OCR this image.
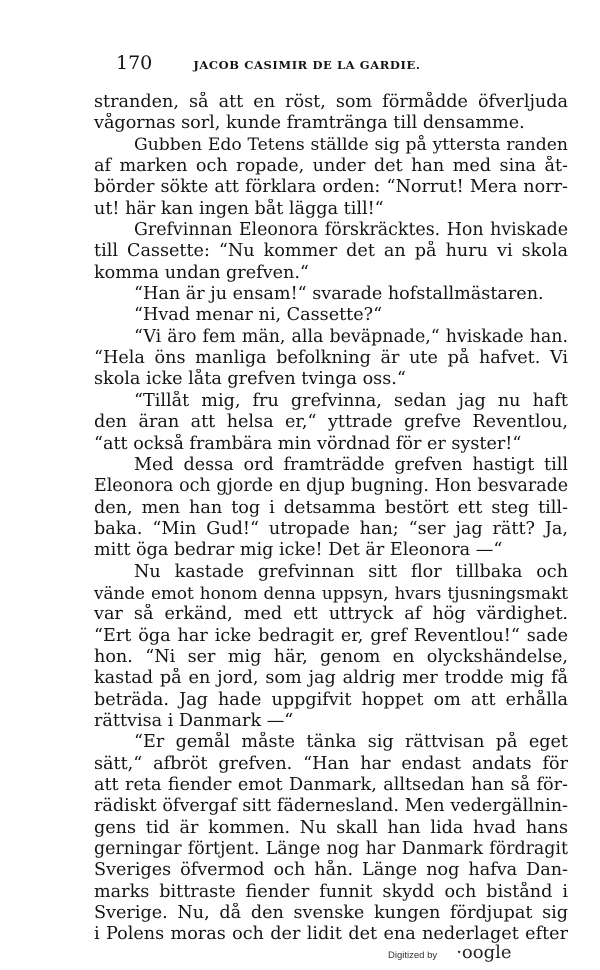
170	JACOB CASIMIR DE LA GARDIE.
stranden, så att en röst, som förmådde öfverljuda
vågornas sorl, kunde framtränga till densamme.
Gubben Edo Tetens ställde sig på yttersta randen
af marken och ropade, under det han med sina åt-
börder sökte att förklara orden: “Norrut! Mera norr-
ut! här kan ingen båt lägga till!“
Grefvinnan Eleonora förskräcktes. Hon hviskade
till Cassette: “Nu kommer det an på huru vi skola
komma undan grefven.“
“Han är ju ensam!“ svarade hofstallmästaren.
“Hvad menar ni, Cassette?“
“Vi äro fem män, alla beväpnade,“ hviskade han.
“Hela öns manliga befolkning är ute på hafvet. Vi
skola icke låta grefven tvinga oss.“
“Tillåt mig, fru grefvinna, sedan jag nu haft
den äran att helsa er,“ yttrade grefve Reventlou,
“att också frambära min vördnad för er syster!“
Med dessa ord framträdde grefven hastigt till
Eleonora och gjorde en djup bugning. Hon besvarade
den, men han tog i detsamma bestört ett steg till-
baka. “Min Gud!“ utropade han; “ser jag rätt? Ja,
mitt öga bedrar mig icke! Det är Eleonora —“
Nu kastade grefvinnan sitt flor tillbaka och
vände emot honom denna uppsyn, hvars tjusningsmakt
var så erkänd, med ett uttryck af hög värdighet.
“Ert öga har icke bedragit er, gref Reventlou!“ sade
hon. “Ni ser mig här, genom en olyckshändelse,
kastad på en jord, som jag aldrig mer trodde mig få
beträda. Jag hade uppgifvit hoppet om att erhålla
rättvisa i Danmark —“
“Er gemål måste tänka sig rättvisan på eget
sätt,“ afbröt grefven. “Han har endast andats för
att reta fiender emot Danmark, alltsedan han så för-
rädiskt öfvergaf sitt fädernesland. Men vedergällnin-
gens tid är kommen. Nu skall han lida hvad hans
gerningar förtjent. Länge nog har Danmark fördragit
Sveriges öfvermod och hån. Länge nog hafva Dan-
marks bittraste fiender funnit skydd och bistånd i
Sverige. Nu, då den svenske kungen fördjupat sig
i Polens moras och der lidit det ena nederlaget efter
Digitized by ·ooglе
